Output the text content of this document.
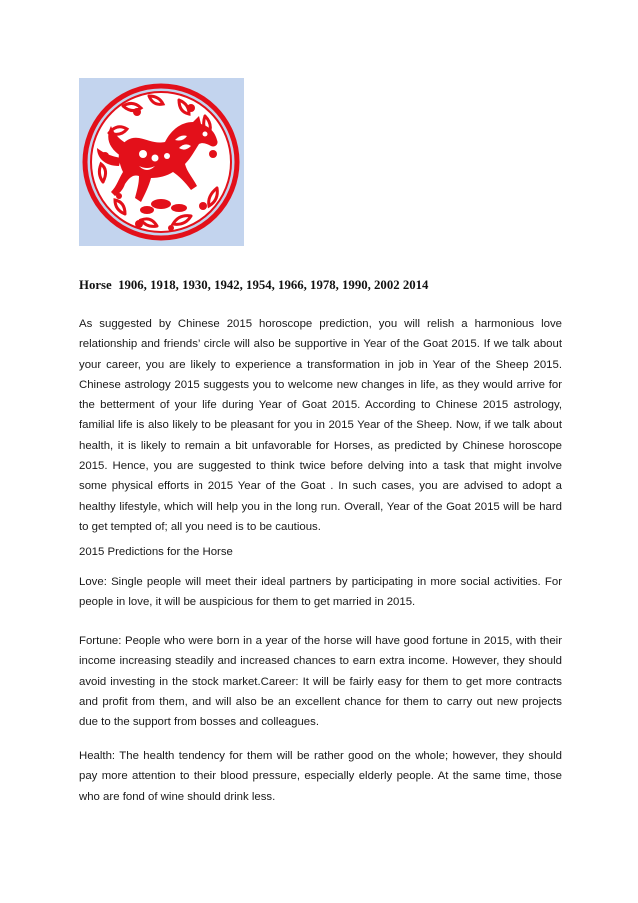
Horse  1906, 1918, 1930, 1942, 1954, 1966, 1978, 1990, 2002 2014

As suggested by Chinese 2015 horoscope prediction, you will relish a harmonious love relationship and friends’ circle will also be supportive in Year of the Goat 2015. If we talk about your career, you are likely to experience a transformation in job in Year of the Sheep 2015. Chinese astrology 2015 suggests you to welcome new changes in life, as they would arrive for the betterment of your life during Year of Goat 2015. According to Chinese 2015 astrology, familial life is also likely to be pleasant for you in 2015 Year of the Sheep. Now, if we talk about health, it is likely to remain a bit unfavorable for Horses, as predicted by Chinese horoscope 2015. Hence, you are suggested to think twice before delving into a task that might involve some physical efforts in 2015 Year of the Goat . In such cases, you are advised to adopt a healthy lifestyle, which will help you in the long run. Overall, Year of the Goat 2015 will be hard to get tempted of; all you need is to be cautious.

2015 Predictions for the Horse

Love: Single people will meet their ideal partners by participating in more social activities. For people in love, it will be auspicious for them to get married in 2015.

Fortune: People who were born in a year of the horse will have good fortune in 2015, with their income increasing steadily and increased chances to earn extra income. However, they should avoid investing in the stock market.Career: It will be fairly easy for them to get more contracts and profit from them, and will also be an excellent chance for them to carry out new projects due to the support from bosses and colleagues.

Health: The health tendency for them will be rather good on the whole; however, they should pay more attention to their blood pressure, especially elderly people. At the same time, those who are fond of wine should drink less.
